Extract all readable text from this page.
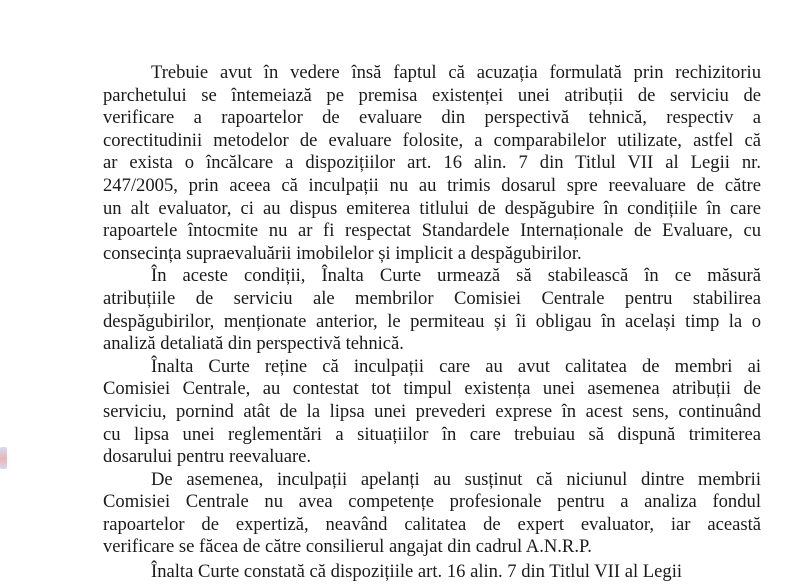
Trebuie avut în vedere însă faptul că acuzația formulată prin rechizitoriu
parchetului se întemeiază pe premisa existenței unei atribuții de serviciu de
verificare a rapoartelor de evaluare din perspectivă tehnică, respectiv a
corectitudinii metodelor de evaluare folosite, a comparabilelor utilizate, astfel că
ar exista o încălcare a dispozițiilor art. 16 alin. 7 din Titlul VII al Legii nr.
247/2005, prin aceea că inculpații nu au trimis dosarul spre reevaluare de către
un alt evaluator, ci au dispus emiterea titlului de despăgubire în condițiile în care
rapoartele întocmite nu ar fi respectat Standardele Internaționale de Evaluare, cu
consecința supraevaluării imobilelor și implicit a despăgubirilor.

În aceste condiții, Înalta Curte urmează să stabilească în ce măsură
atribuțiile de serviciu ale membrilor Comisiei Centrale pentru stabilirea
despăgubirilor, menționate anterior, le permiteau și îi obligau în același timp la o
analiză detaliată din perspectivă tehnică.

Înalta Curte reține că inculpații care au avut calitatea de membri ai
Comisiei Centrale, au contestat tot timpul existența unei asemenea atribuții de
serviciu, pornind atât de la lipsa unei prevederi exprese în acest sens, continuând
cu lipsa unei reglementări a situațiilor în care trebuiau să dispună trimiterea
dosarului pentru reevaluare.

De asemenea, inculpații apelanți au susținut că niciunul dintre membrii
Comisiei Centrale nu avea competențe profesionale pentru a analiza fondul
rapoartelor de expertiză, neavând calitatea de expert evaluator, iar această
verificare se făcea de către consilierul angajat din cadrul A.N.R.P.

Înalta Curte constată că dispozițiile art. 16 alin. 7 din Titlul VII al Legii
